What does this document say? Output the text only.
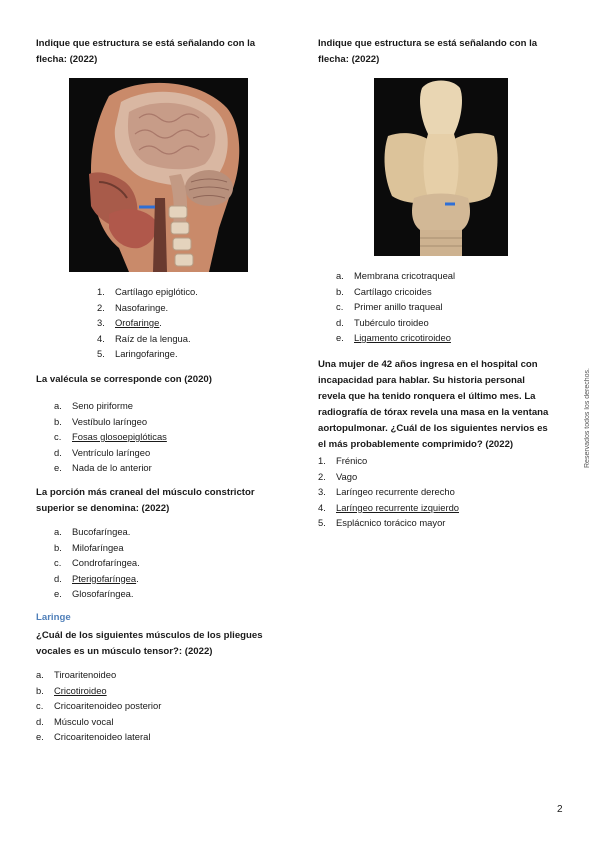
Indique que estructura se está señalando con la flecha: (2022)
1.	Cartílago epiglótico.
2.	Nasofaringe.
3.	Orofaringe.
4.	Raíz de la lengua.
5.	Laringofaringe.
La valécula se corresponde con (2020)
a.	Seno piriforme
b.	Vestíbulo laríngeo
c.	Fosas glosoepiglóticas
d.	Ventrículo laríngeo
e.	Nada de lo anterior
La porción más craneal del músculo constrictor superior se denomina: (2022)
a.	Bucofaríngea.
b.	Milofaríngea
c.	Condrofaríngea.
d.	Pterigofaríngea.
e.	Glosofaríngea.
Laringe
¿Cuál de los siguientes músculos de los pliegues vocales es un músculo tensor?: (2022)
a.	Tiroaritenoideo
b.	Cricotiroideo
c.	Cricoaritenoideo posterior
d.	Músculo vocal
e.	Cricoaritenoideo lateral
Indique que estructura se está señalando con la flecha: (2022)
a.	Membrana cricotraqueal
b.	Cartílago cricoides
c.	Primer anillo traqueal
d.	Tubérculo tiroideo
e.	Ligamento cricotiroideo
Una mujer de 42 años ingresa en el hospital con incapacidad para hablar. Su historia personal revela que ha tenido ronquera el último mes. La radiografía de tórax revela una masa en la ventana aortopulmonar. ¿Cuál de los siguientes nervios es el más probablemente comprimido? (2022)
1.	Frénico
2.	Vago
3.	Laríngeo recurrente derecho
4.	Laríngeo recurrente izquierdo
5.	Esplácnico torácico mayor
Reservados todos los derechos.
2
